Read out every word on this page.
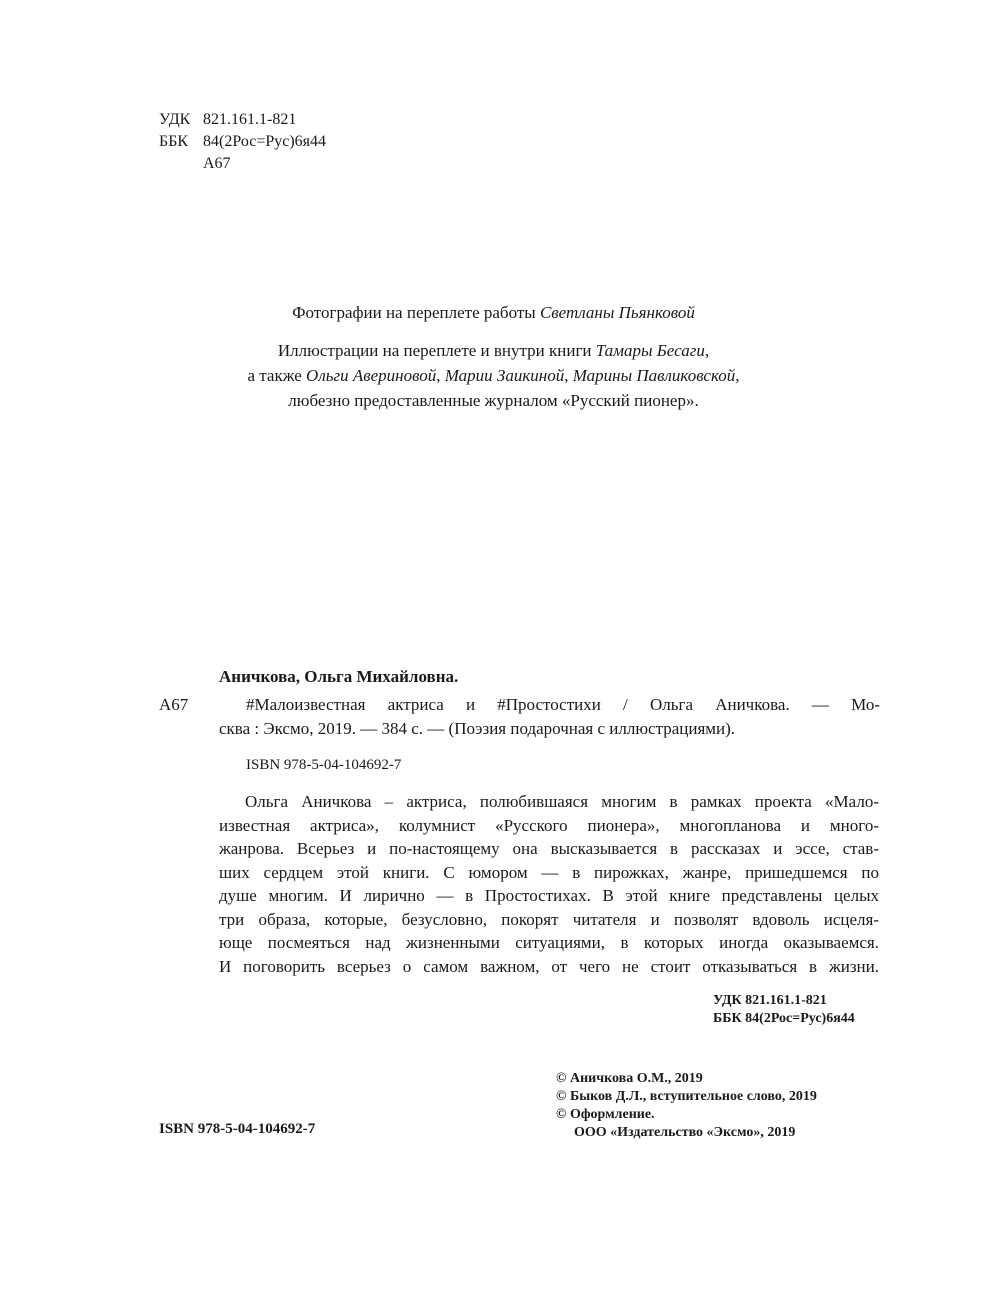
УДК 821.161.1-821
ББК 84(2Рос=Рус)6я44
А67
Фотографии на переплете работы Светланы Пьянковой
Иллюстрации на переплете и внутри книги Тамары Бесаги,
а также Ольги Авериновой, Марии Заикиной, Марины Павликовской,
любезно предоставленные журналом «Русский пионер».
Аничкова, Ольга Михайловна.
А67	#Малоизвестная актриса и #Простостихи / Ольга Аничкова. — Мо-
сква : Эксмо, 2019. — 384 с. — (Поэзия подарочная с иллюстрациями).
ISBN 978-5-04-104692-7
Ольга Аничкова – актриса, полюбившаяся многим в рамках проекта «Мало-
известная актриса», колумнист «Русского пионера», многопланова и много-
жанрова. Всерьез и по-настоящему она высказывается в рассказах и эссе, став-
ших сердцем этой книги. С юмором — в пирожках, жанре, пришедшемся по
душе многим. И лирично — в Простостихах. В этой книге представлены целых
три образа, которые, безусловно, покорят читателя и позволят вдоволь исцеля-
юще посмеяться над жизненными ситуациями, в которых иногда оказываемся.
И поговорить всерьез о самом важном, от чего не стоит отказываться в жизни.
УДК 821.161.1-821
ББК 84(2Рос=Рус)6я44
© Аничкова О.М., 2019
© Быков Д.Л., вступительное слово, 2019
© Оформление.
ООО «Издательство «Эксмо», 2019
ISBN 978-5-04-104692-7
